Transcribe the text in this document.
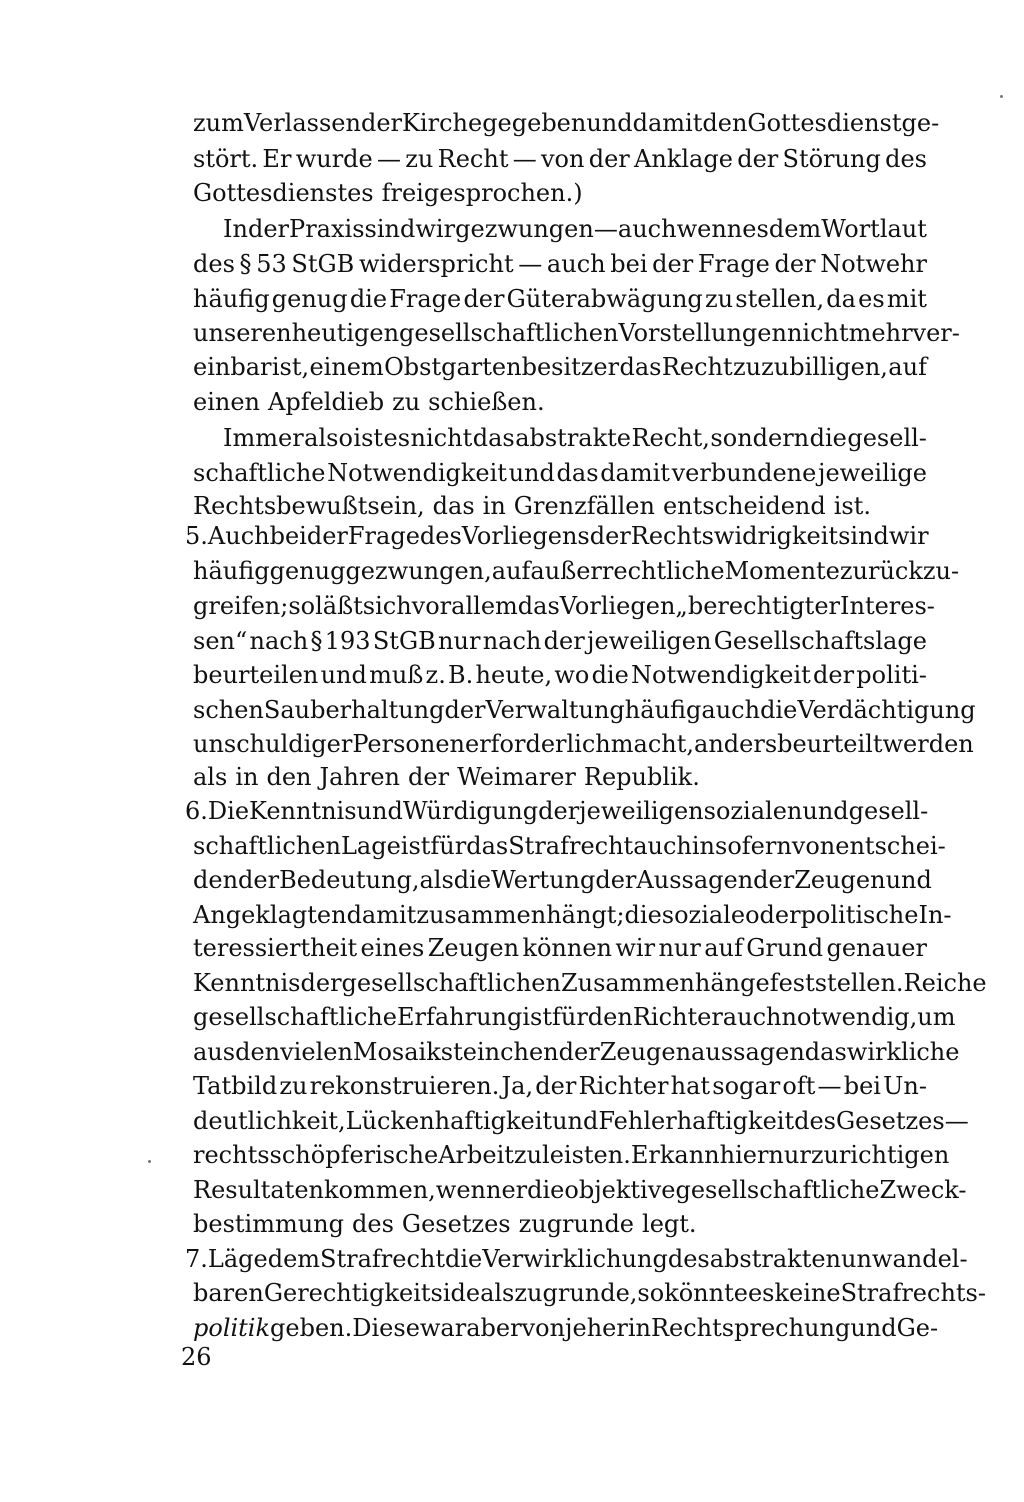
26
zum Verlassen der Kirche gegeben und damit den Gottesdienst ge-
stört. Er wurde — zu Recht — von der Anklage der Störung des
Gottesdienstes freigesprochen.)
In der Praxis sind wir gezwungen — auch wenn es dem Wortlaut
des § 53 StGB widerspricht — auch bei der Frage der Notwehr
häufig genug die Frage der Güterabwägung zu stellen, da es mit
unseren heutigen gesellschaftlichen Vorstellungen nicht mehr ver-
einbar ist, einem Obstgartenbesitzer das Recht zuzubilligen, auf
einen Apfeldieb zu schießen.
Immer also ist es nicht das abstrakte Recht, sondern die gesell-
schaftliche Notwendigkeit und das damit verbundene jeweilige
Rechtsbewußtsein, das in Grenzfällen entscheidend ist.
5. Auch bei der Frage des Vorliegens der Rechtswidrigkeit sind wir
häufig genug gezwungen, auf außerrechtliche Momente zurückzu-
greifen; so läßt sich vor allem das Vorliegen „berechtigter Interes-
sen“ nach § 193 StGB nur nach der jeweiligen Gesellschaftslage
beurteilen und muß z. B. heute, wo die Notwendigkeit der politi-
schen Sauberhaltung der Verwaltung häufig auch die Verdächtigung
unschuldiger Personen erforderlich macht, anders beurteilt werden
als in den Jahren der Weimarer Republik.
6. Die Kenntnis und Würdigung der jeweiligen sozialen und gesell-
schaftlichen Lage ist für das Strafrecht auch insofern von entschei-
dender Bedeutung, als die Wertung der Aussagen der Zeugen und
Angeklagten damit zusammenhängt; die soziale oder politische In-
teressiertheit eines Zeugen können wir nur auf Grund genauer
Kenntnis der gesellschaftlichen Zusammenhänge feststellen. Reiche
gesellschaftliche Erfahrung ist für den Richter auch notwendig, um
aus den vielen Mosaiksteinchen der Zeugenaussagen das wirkliche
Tatbild zu rekonstruieren. Ja, der Richter hat sogar oft — bei Un-
deutlichkeit, Lückenhaftigkeit und Fehlerhaftigkeit des Gesetzes —
rechtsschöpferische Arbeit zu leisten. Er kann hier nur zu richtigen
Resultaten kommen, wenn er die objektive gesellschaftliche Zweck-
bestimmung des Gesetzes zugrunde legt.
7. Läge dem Strafrecht die Verwirklichung des abstrakten unwandel-
baren Gerechtigkeitsideals zugrunde, so könnte es keine Strafrechts-
politik geben. Diese war aber von jeher in Rechtsprechung und Ge-
